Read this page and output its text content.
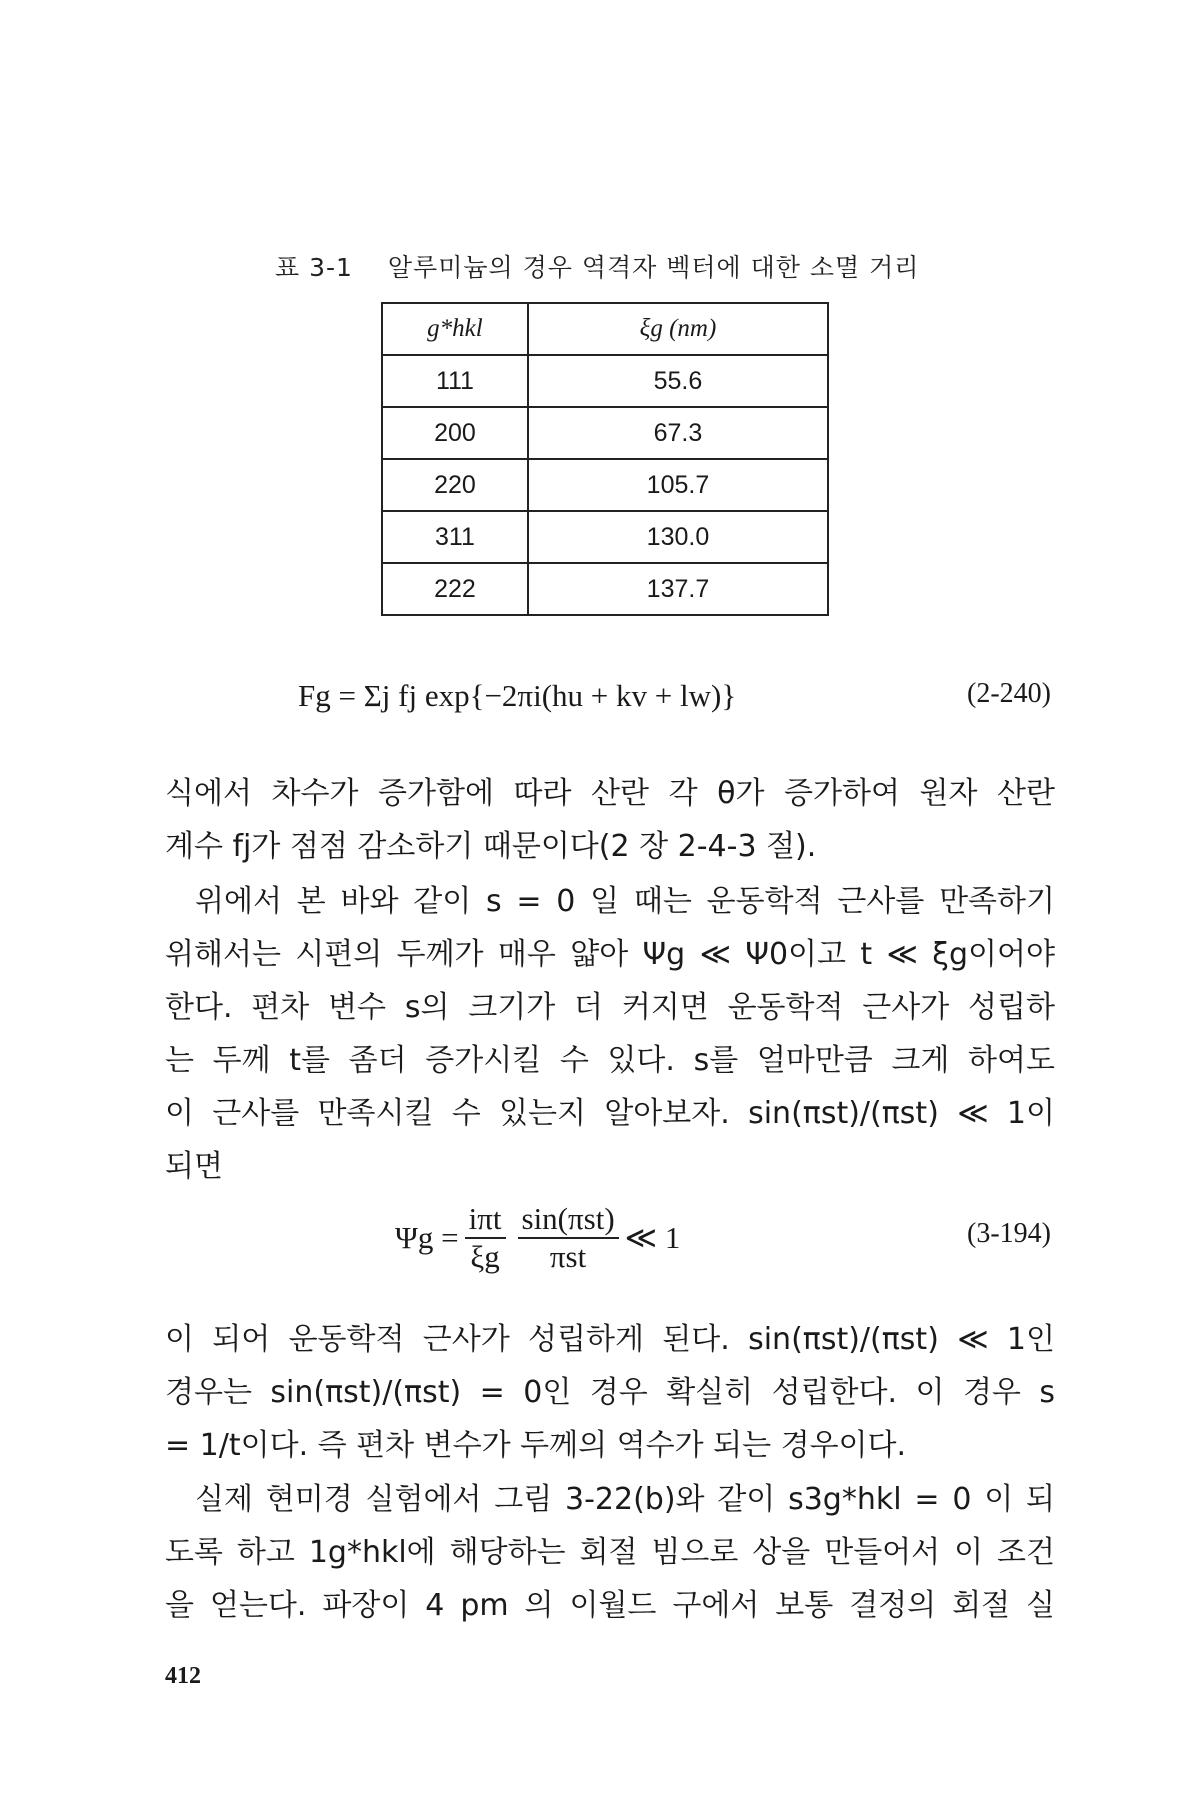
표 3-1 알루미늄의 경우 역격자 벡터에 대한 소멸 거리
g*hkl	ξg (nm)
111	55.6
200	67.3
220	105.7
311	130.0
222	137.7
Fg = Σj fj exp{−2πi(hu + kv + lw)}	(2-240)
식에서 차수가 증가함에 따라 산란 각 θ가 증가하여 원자 산란
계수 fj가 점점 감소하기 때문이다(2 장 2-4-3 절).
위에서 본 바와 같이 s = 0 일 때는 운동학적 근사를 만족하기
위해서는 시편의 두께가 매우 얇아 Ψg ≪ Ψ0이고 t ≪ ξg이어야
한다. 편차 변수 s의 크기가 더 커지면 운동학적 근사가 성립하
는 두께 t를 좀더 증가시킬 수 있다. s를 얼마만큼 크게 하여도
이 근사를 만족시킬 수 있는지 알아보자. sin(πst)/(πst) ≪ 1이
되면
$\Psi g = \frac{\text{iπt}}{\xi g} \frac{\text{sin(πst)}}{\text{πst}}$ ≪ 1	(3-194)
이 되어 운동학적 근사가 성립하게 된다. sin(πst)/(πst) ≪ 1인
경우는 sin(πst)/(πst) = 0인 경우 확실히 성립한다. 이 경우 s
= 1/t이다. 즉 편차 변수가 두께의 역수가 되는 경우이다.
실제 현미경 실험에서 그림 3-22(b)와 같이 s3g*hkl = 0 이 되
도록 하고 1g*hkl에 해당하는 회절 빔으로 상을 만들어서 이 조건
을 얻는다. 파장이 4 pm 의 이월드 구에서 보통 결정의 회절 실
412
